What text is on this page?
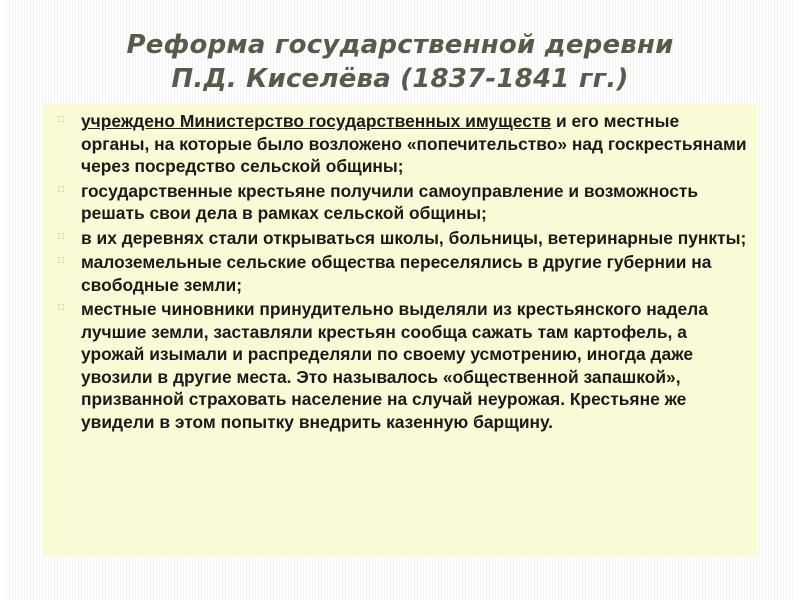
Реформа государственной деревни
П.Д. Киселёва (1837-1841 гг.)
□ учреждено Министерство государственных имуществ и его местные органы, на которые было возложено «попечительство» над госкрестьянами через посредство сельской общины;
□ государственные крестьяне получили самоуправление и возможность решать свои дела в рамках сельской общины;
□ в их деревнях стали открываться школы, больницы, ветеринарные пункты;
□ малоземельные сельские общества переселялись в другие губернии на свободные земли;
□ местные чиновники принудительно выделяли из крестьянского надела лучшие земли, заставляли крестьян сообща сажать там картофель, а урожай изымали и распределяли по своему усмотрению, иногда даже увозили в другие места. Это называлось «общественной запашкой», призванной страховать население на случай неурожая. Крестьяне же увидели в этом попытку внедрить казенную барщину.
